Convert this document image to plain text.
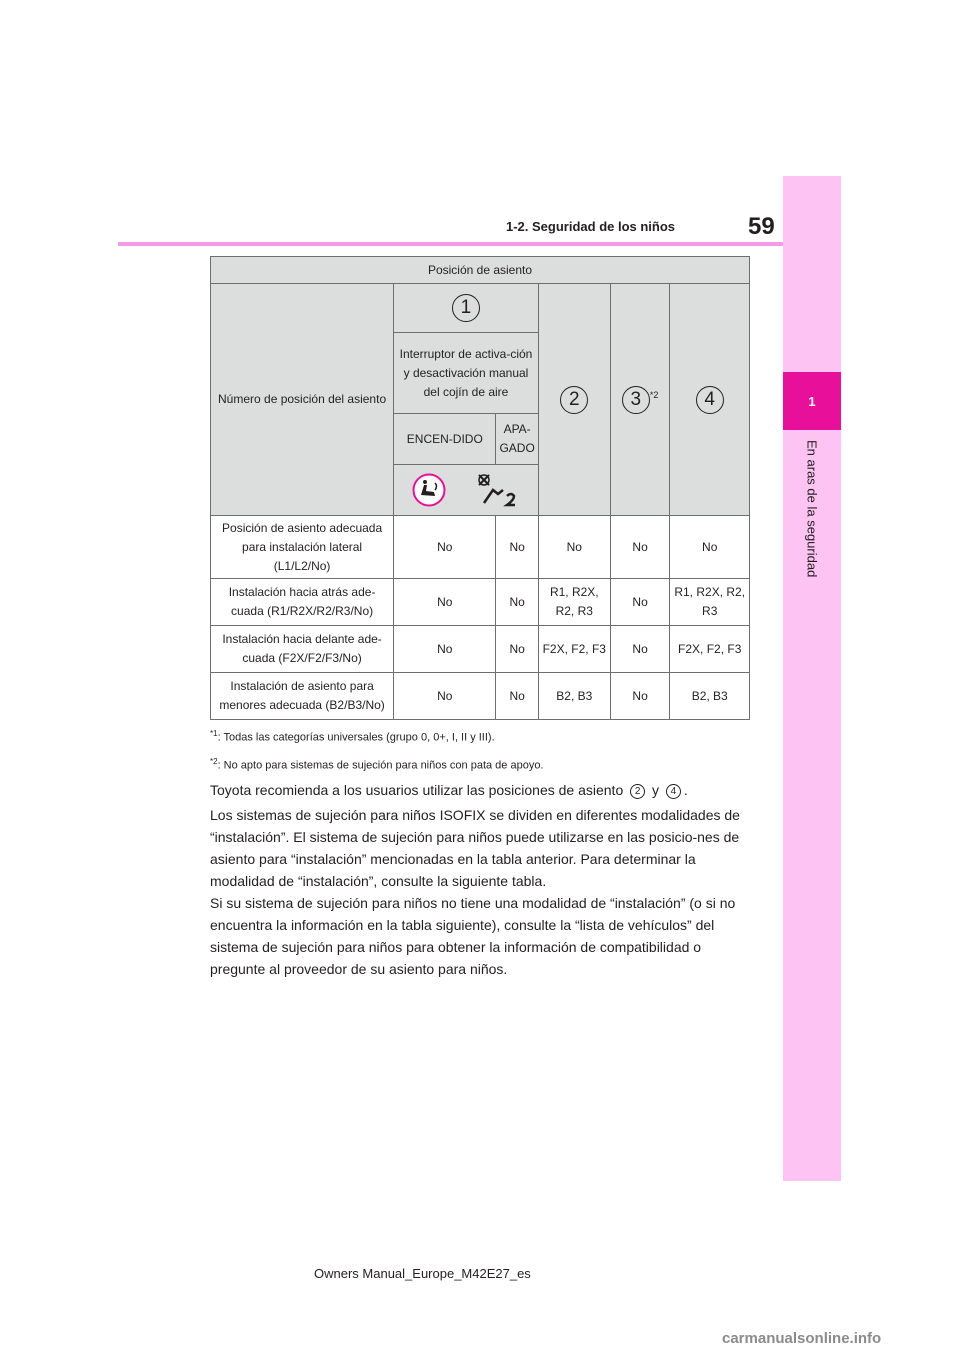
1
En aras de la seguridad
59
1-2. Seguridad de los niños
Posición de asiento					
Número de posición del asiento	1		2	3 $^{*2}$	4
	Interruptor de activa-ción y desactivación manual del cojín de aire				
	ENCEN-DIDO	APA-GADO			

Posición de asiento adecuada para instalación lateral (L1/L2/No)	No	No	No	No	No
Instalación hacia atrás ade-cuada (R1/R2X/R2/R3/No)	No	No	R1, R2X, R2, R3	No	R1, R2X, R2, R3
Instalación hacia delante ade-cuada (F2X/F2/F3/No)	No	No	F2X, F2, F3	No	F2X, F2, F3
Instalación de asiento para menores adecuada (B2/B3/No)	No	No	B2, B3	No	B2, B3
$^{*1}$: Todas las categorías universales (grupo 0, 0+, I, II y III).
$^{*2}$: No apto para sistemas de sujeción para niños con pata de apoyo.
Toyota recomienda a los usuarios utilizar las posiciones de asiento 2 y 4 .
Los sistemas de sujeción para niños ISOFIX se dividen en diferentes modalidades de “instalación”. El sistema de sujeción para niños puede utilizarse en las posicio-nes de asiento para “instalación” mencionadas en la tabla anterior. Para determinar la modalidad de “instalación”, consulte la siguiente tabla.
Si su sistema de sujeción para niños no tiene una modalidad de “instalación” (o si no encuentra la información en la tabla siguiente), consulte la “lista de vehículos” del sistema de sujeción para niños para obtener la información de compatibilidad o pregunte al proveedor de su asiento para niños.
Owners Manual_Europe_M42E27_es
carmanualsonline.info
